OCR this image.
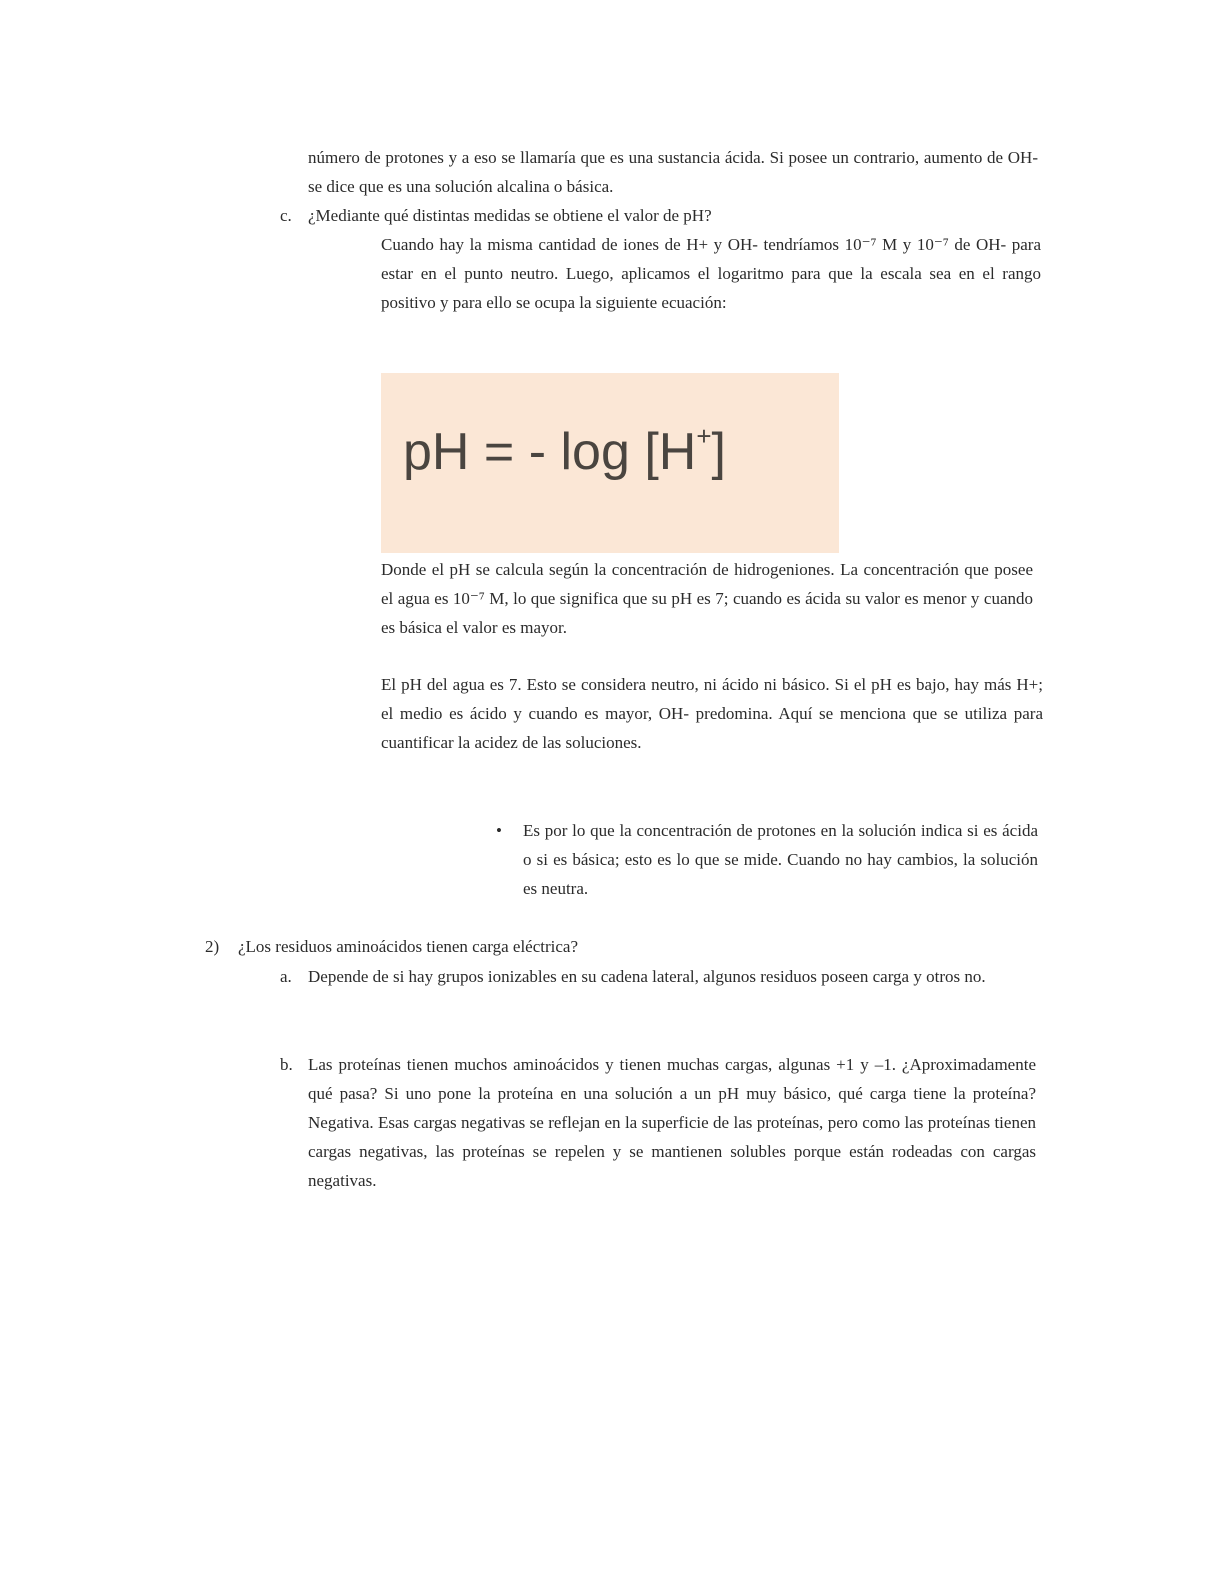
número de protones y a eso se llamaría que es una sustancia ácida. Si posee un contrario, aumento de OH- se dice que es una solución alcalina o básica.
c. ¿Mediante qué distintas medidas se obtiene el valor de pH?
Cuando hay la misma cantidad de iones de H+ y OH- tendríamos 10⁻⁷ M y 10⁻⁷ de OH- para estar en el punto neutro. Luego, aplicamos el logaritmo para que la escala sea en el rango positivo y para ello se ocupa la siguiente ecuación:
pH = - log [H+]
Donde el pH se calcula según la concentración de hidrogeniones. La concentración que posee el agua es 10⁻⁷ M, lo que significa que su pH es 7; cuando es ácida su valor es menor y cuando es básica el valor es mayor.
El pH del agua es 7. Esto se considera neutro, ni ácido ni básico. Si el pH es bajo, hay más H+; el medio es ácido y cuando es mayor, OH- predomina. Aquí se menciona que se utiliza para cuantificar la acidez de las soluciones.
• Es por lo que la concentración de protones en la solución indica si es ácida o si es básica; esto es lo que se mide. Cuando no hay cambios, la solución es neutra.
2) ¿Los residuos aminoácidos tienen carga eléctrica?
a. Depende de si hay grupos ionizables en su cadena lateral, algunos residuos poseen carga y otros no.
b. Las proteínas tienen muchos aminoácidos y tienen muchas cargas, algunas +1 y –1. ¿Aproximadamente qué pasa? Si uno pone la proteína en una solución a un pH muy básico, qué carga tiene la proteína? Negativa. Esas cargas negativas se reflejan en la superficie de las proteínas, pero como las proteínas tienen cargas negativas, las proteínas se repelen y se mantienen solubles porque están rodeadas con cargas negativas.
